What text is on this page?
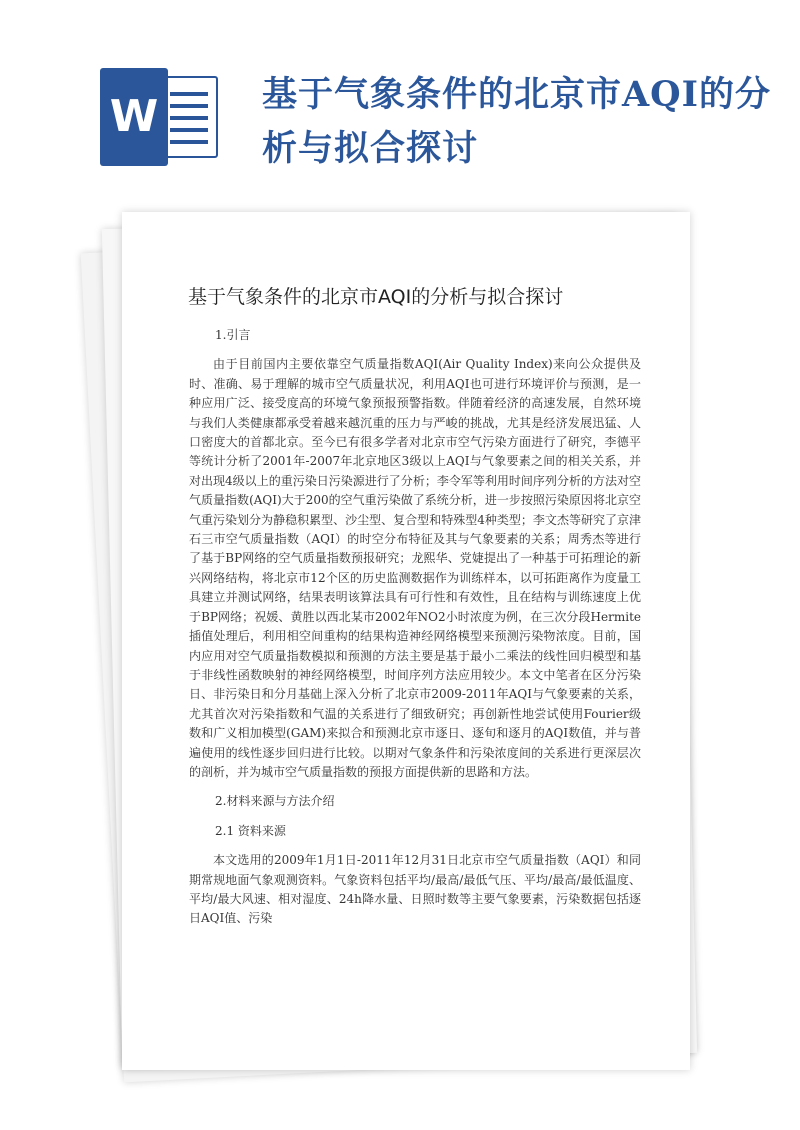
W	基于气象条件的北京市AQI的分析与拟合探讨
基于气象条件的北京市AQI的分析与拟合探讨

1.引言

由于目前国内主要依靠空气质量指数AQI(Air Quality Index)来向公众提供及时、准确、易于理解的城市空气质量状况，利用AQI也可进行环境评价与预测，是一种应用广泛、接受度高的环境气象预报预警指数。伴随着经济的高速发展，自然环境与我们人类健康都承受着越来越沉重的压力与严峻的挑战，尤其是经济发展迅猛、人口密度大的首都北京。至今已有很多学者对北京市空气污染方面进行了研究，李德平等统计分析了2001年-2007年北京地区3级以上AQI与气象要素之间的相关关系，并对出现4级以上的重污染日污染源进行了分析；李令军等利用时间序列分析的方法对空气质量指数(AQI)大于200的空气重污染做了系统分析，进一步按照污染原因将北京空气重污染划分为静稳积累型、沙尘型、复合型和特殊型4种类型；李文杰等研究了京津石三市空气质量指数（AQI）的时空分布特征及其与气象要素的关系；周秀杰等进行了基于BP网络的空气质量指数预报研究；龙熙华、党婕提出了一种基于可拓理论的新兴网络结构，将北京市12个区的历史监测数据作为训练样本，以可拓距离作为度量工具建立并测试网络，结果表明该算法具有可行性和有效性，且在结构与训练速度上优于BP网络；祝媛、黄胜以西北某市2002年NO2小时浓度为例，在三次分段Hermite插值处理后，利用相空间重构的结果构造神经网络模型来预测污染物浓度。目前，国内应用对空气质量指数模拟和预测的方法主要是基于最小二乘法的线性回归模型和基于非线性函数映射的神经网络模型，时间序列方法应用较少。本文中笔者在区分污染日、非污染日和分月基础上深入分析了北京市2009-2011年AQI与气象要素的关系，尤其首次对污染指数和气温的关系进行了细致研究；再创新性地尝试使用Fourier级数和广义相加模型(GAM)来拟合和预测北京市逐日、逐旬和逐月的AQI数值，并与普遍使用的线性逐步回归进行比较。以期对气象条件和污染浓度间的关系进行更深层次的剖析，并为城市空气质量指数的预报方面提供新的思路和方法。

2.材料来源与方法介绍

2.1 资料来源

本文选用的2009年1月1日-2011年12月31日北京市空气质量指数（AQI）和同期常规地面气象观测资料。气象资料包括平均/最高/最低气压、平均/最高/最低温度、平均/最大风速、相对湿度、24h降水量、日照时数等主要气象要素，污染数据包括逐日AQI值、污染
